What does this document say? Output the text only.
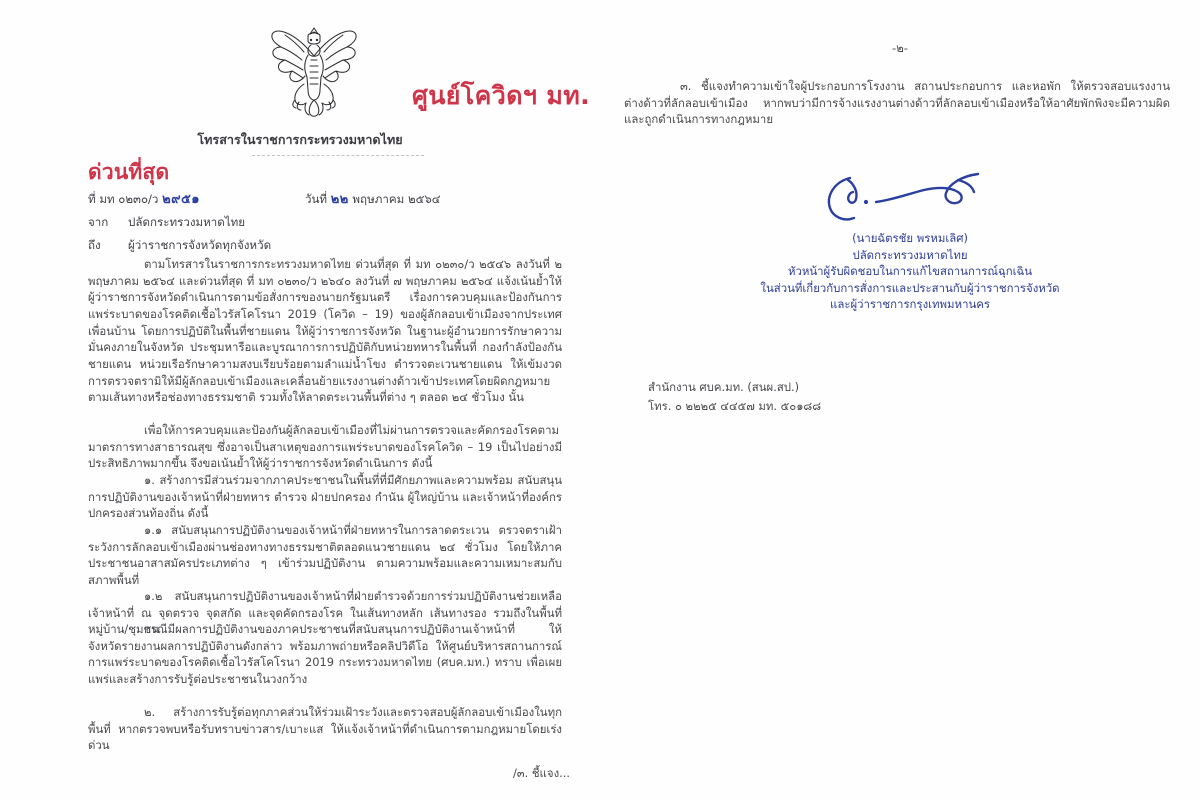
ศูนย์โควิดฯ มท.
โทรสารในราชการกระทรวงมหาดไทย
ด่วนที่สุด
ที่ มท ๐๒๓๐/ว ๒๙๕๑	วันที่ ๒๒ พฤษภาคม ๒๕๖๔
จาก ปลัดกระทรวงมหาดไทย
ถึง ผู้ว่าราชการจังหวัดทุกจังหวัด
ตามโทรสารในราชการกระทรวงมหาดไทย ด่วนที่สุด ที่ มท ๐๒๓๐/ว ๒๕๔๖ ลงวันที่ ๒ พฤษภาคม ๒๕๖๔ และด่วนที่สุด ที่ มท ๐๒๓๐/ว ๒๖๔๐ ลงวันที่ ๗ พฤษภาคม ๒๕๖๔ แจ้งเน้นย้ำให้ผู้ว่าราชการจังหวัดดำเนินการตามข้อสั่งการของนายกรัฐมนตรี เรื่องการควบคุมและป้องกันการแพร่ระบาดของโรคติดเชื้อไวรัสโคโรนา 2019 (โควิด – 19) ของผู้ลักลอบเข้าเมืองจากประเทศเพื่อนบ้าน โดยการปฏิบัติในพื้นที่ชายแดน ให้ผู้ว่าราชการจังหวัด ในฐานะผู้อำนวยการรักษาความมั่นคงภายในจังหวัด ประชุมหารือและบูรณาการการปฏิบัติกับหน่วยทหารในพื้นที่ กองกำลังป้องกันชายแดน หน่วยเรือรักษาความสงบเรียบร้อยตามลำแม่น้ำโขง ตำรวจตะเวนชายแดน ให้เข้มงวดการตรวจตรามิให้มีผู้ลักลอบเข้าเมืองและเคลื่อนย้ายแรงงานต่างด้าวเข้าประเทศโดยผิดกฎหมายตามเส้นทางหรือช่องทางธรรมชาติ รวมทั้งให้ลาดตระเวนพื้นที่ต่าง ๆ ตลอด ๒๔ ชั่วโมง นั้น
เพื่อให้การควบคุมและป้องกันผู้ลักลอบเข้าเมืองที่ไม่ผ่านการตรวจและคัดกรองโรคตามมาตรการทางสาธารณสุข ซึ่งอาจเป็นสาเหตุของการแพร่ระบาดของโรคโควิด – 19 เป็นไปอย่างมีประสิทธิภาพมากขึ้น จึงขอเน้นย้ำให้ผู้ว่าราชการจังหวัดดำเนินการ ดังนี้
๑. สร้างการมีส่วนร่วมจากภาคประชาชนในพื้นที่ที่มีศักยภาพและความพร้อม สนับสนุนการปฏิบัติงานของเจ้าหน้าที่ฝ่ายทหาร ตำรวจ ฝ่ายปกครอง กำนัน ผู้ใหญ่บ้าน และเจ้าหน้าที่องค์กรปกครองส่วนท้องถิ่น ดังนี้
๑.๑ สนับสนุนการปฏิบัติงานของเจ้าหน้าที่ฝ่ายทหารในการลาดตระเวน ตรวจตราเฝ้าระวังการลักลอบเข้าเมืองผ่านช่องทางทางธรรมชาติตลอดแนวชายแดน ๒๔ ชั่วโมง โดยให้ภาคประชาชนอาสาสมัครประเภทต่าง ๆ เข้าร่วมปฏิบัติงาน ตามความพร้อมและความเหมาะสมกับสภาพพื้นที่
๑.๒ สนับสนุนการปฏิบัติงานของเจ้าหน้าที่ฝ่ายตำรวจด้วยการร่วมปฏิบัติงานช่วยเหลือเจ้าหน้าที่ ณ จุดตรวจ จุดสกัด และจุดคัดกรองโรค ในเส้นทางหลัก เส้นทางรอง รวมถึงในพื้นที่หมู่บ้าน/ชุมชน
กรณีมีผลการปฏิบัติงานของภาคประชาชนที่สนับสนุนการปฏิบัติงานเจ้าหน้าที่ ให้จังหวัดรายงานผลการปฏิบัติงานดังกล่าว พร้อมภาพถ่ายหรือคลิปวิดีโอ ให้ศูนย์บริหารสถานการณ์การแพร่ระบาดของโรคติดเชื้อไวรัสโคโรนา 2019 กระทรวงมหาดไทย (ศบค.มท.) ทราบ เพื่อเผยแพร่และสร้างการรับรู้ต่อประชาชนในวงกว้าง
๒. สร้างการรับรู้ต่อทุกภาคส่วนให้ร่วมเฝ้าระวังและตรวจสอบผู้ลักลอบเข้าเมืองในทุกพื้นที่ หากตรวจพบหรือรับทราบข่าวสาร/เบาะแส ให้แจ้งเจ้าหน้าที่ดำเนินการตามกฎหมายโดยเร่งด่วน
/๓. ชี้แจง...
-๒-
๓. ชี้แจงทำความเข้าใจผู้ประกอบการโรงงาน สถานประกอบการ และหอพัก ให้ตรวจสอบแรงงานต่างด้าวที่ลักลอบเข้าเมือง หากพบว่ามีการจ้างแรงงานต่างด้าวที่ลักลอบเข้าเมืองหรือให้อาศัยพักพิงจะมีความผิดและถูกดำเนินการทางกฎหมาย
(นายฉัตรชัย พรหมเลิศ)
ปลัดกระทรวงมหาดไทย
หัวหน้าผู้รับผิดชอบในการแก้ไขสถานการณ์ฉุกเฉิน
ในส่วนที่เกี่ยวกับการสั่งการและประสานกับผู้ว่าราชการจังหวัด
และผู้ว่าราชการกรุงเทพมหานคร
สำนักงาน ศบค.มท. (สนผ.สป.)
โทร. ๐ ๒๒๒๕ ๔๔๕๗ มท. ๕๐๑๘๘
